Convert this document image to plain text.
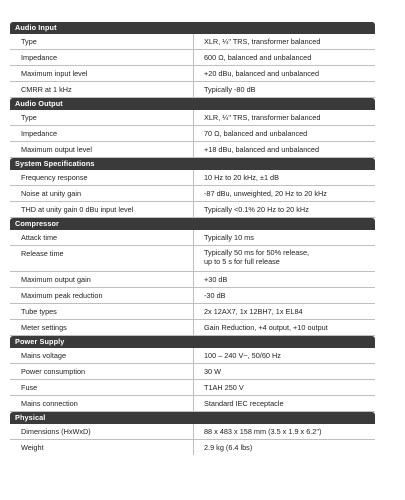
Audio Input
Type	XLR, ¼" TRS, transformer balanced
Impedance	600 Ω, balanced and unbalanced
Maximum input level	+20 dBu, balanced and unbalanced
CMRR at 1 kHz	Typically -80 dB
Audio Output
Type	XLR, ¼" TRS, transformer balanced
Impedance	70 Ω, balanced and unbalanced
Maximum output level	+18 dBu, balanced and unbalanced
System Specifications
Frequency response	10 Hz to 20 kHz, ±1 dB
Noise at unity gain	-87 dBu, unweighted, 20 Hz to 20 kHz
THD at unity gain 0 dBu input level	Typically <0.1% 20 Hz to 20 kHz
Compressor
Attack time	Typically 10 ms
Release time	Typically 50 ms for 50% release,
up to 5 s for full release
Maximum output gain	+30 dB
Maximum peak reduction	-30 dB
Tube types	2x 12AX7, 1x 12BH7, 1x EL84
Meter settings	Gain Reduction, +4 output, +10 output
Power Supply
Mains voltage	100 – 240 V~, 50/60 Hz
Power consumption	30 W
Fuse	T1AH 250 V
Mains connection	Standard IEC receptacle
Physical
Dimensions (HxWxD)	88 x 483 x 158 mm (3.5 x 1.9 x 6.2")
Weight	2.9 kg (6.4 lbs)
